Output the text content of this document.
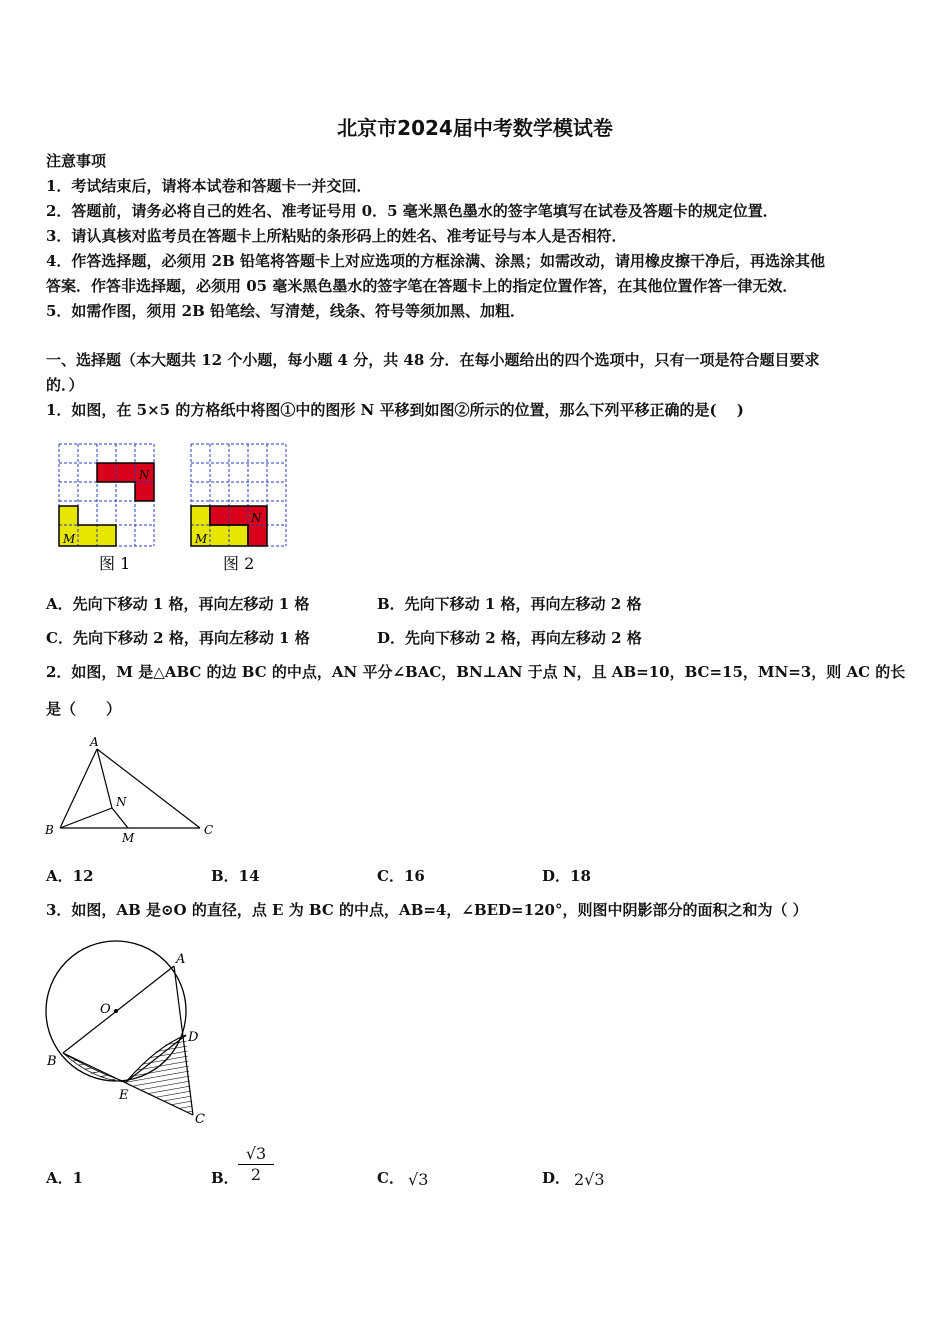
北京市2024届中考数学模试卷
注意事项
1．考试结束后，请将本试卷和答题卡一并交回．
2．答题前，请务必将自己的姓名、准考证号用 0．5 毫米黑色墨水的签字笔填写在试卷及答题卡的规定位置．
3．请认真核对监考员在答题卡上所粘贴的条形码上的姓名、准考证号与本人是否相符．
4．作答选择题，必须用 2B 铅笔将答题卡上对应选项的方框涂满、涂黑；如需改动，请用橡皮擦干净后，再选涂其他
答案．作答非选择题，必须用 05 毫米黑色墨水的签字笔在答题卡上的指定位置作答，在其他位置作答一律无效．
5．如需作图，须用 2B 铅笔绘、写清楚，线条、符号等须加黑、加粗．
一、选择题（本大题共 12 个小题，每小题 4 分，共 48 分．在每小题给出的四个选项中，只有一项是符合题目要求
的．）
1．如图，在 5×5 的方格纸中将图①中的图形 N 平移到如图②所示的位置，那么下列平移正确的是(　 )
N
M
N
M
图 1	图 2
A．先向下移动 1 格，再向左移动 1 格	B．先向下移动 1 格，再向左移动 2 格
C．先向下移动 2 格，再向左移动 1 格	D．先向下移动 2 格，再向左移动 2 格
2．如图，M 是△ABC 的边 BC 的中点，AN 平分∠BAC，BN⊥AN 于点 N，且 AB=10，BC=15，MN=3，则 AC 的长
是（　　）
A
B	C
N
M
A．12	B．14	C．16	D．18
3．如图，AB 是⊙O 的直径，点 E 为 BC 的中点，AB=4，∠BED=120°，则图中阴影部分的面积之和为（ ）
A
O
B
D
E
C
A．1	B． $\frac{√3}{2}$	C． √3	D． 2√3
